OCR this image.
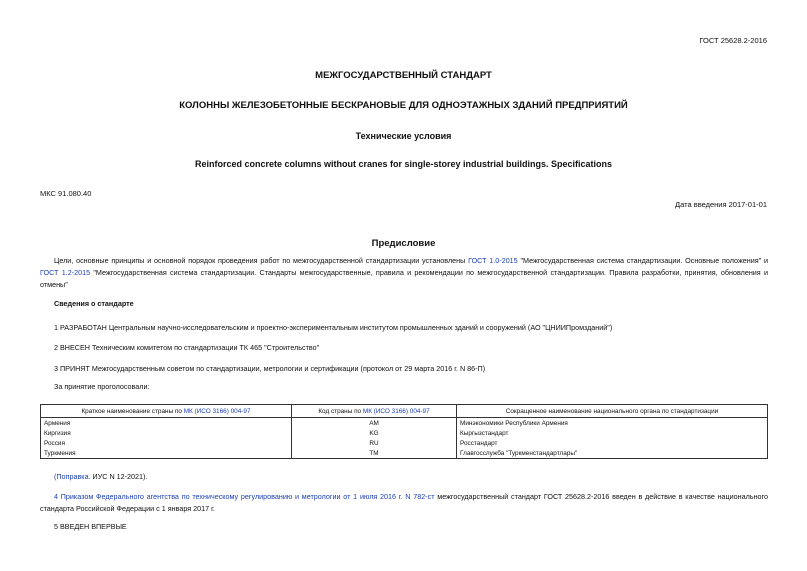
ГОСТ 25628.2-2016
МЕЖГОСУДАРСТВЕННЫЙ СТАНДАРТ
КОЛОННЫ ЖЕЛЕЗОБЕТОННЫЕ БЕСКРАНОВЫЕ ДЛЯ ОДНОЭТАЖНЫХ ЗДАНИЙ ПРЕДПРИЯТИЙ
Технические условия
Reinforced concrete columns without cranes for single-storey industrial buildings. Specifications
МКС 91.080.40
Дата введения 2017-01-01
Предисловие
Цели, основные принципы и основной порядок проведения работ по межгосударственной стандартизации установлены ГОСТ 1.0-2015 "Межгосударственная система стандартизации. Основные положения" и ГОСТ 1.2-2015 "Межгосударственная система стандартизации. Стандарты межгосударственные, правила и рекомендации по межгосударственной стандартизации. Правила разработки, принятия, обновления и отмены"
Сведения о стандарте
1 РАЗРАБОТАН Центральным научно-исследовательским и проектно-экспериментальным институтом промышленных зданий и сооружений (АО "ЦНИИПромзданий")
2 ВНЕСЕН Техническим комитетом по стандартизации ТК 465 "Строительство"
3 ПРИНЯТ Межгосударственным советом по стандартизации, метрологии и сертификации (протокол от 29 марта 2016 г. N 86-П)
За принятие проголосовали:
Краткое наименование страны по МК (ИСО 3166) 004-97	Код страны по МК (ИСО 3166) 004-97	Сокращенное наименование национального органа по стандартизации
Армения	AM	Минэкономики Республики Армения
Киргизия	KG	Кыргызстандарт
Россия	RU	Росстандарт
Туркмения	TM	Главгосслужба "Туркменстандартлары"
(Поправка. ИУС N 12-2021).
4 Приказом Федерального агентства по техническому регулированию и метрологии от 1 июля 2016 г. N 782-ст межгосударственный стандарт ГОСТ 25628.2-2016 введен в действие в качестве национального стандарта Российской Федерации с 1 января 2017 г.
5 ВВЕДЕН ВПЕРВЫЕ
